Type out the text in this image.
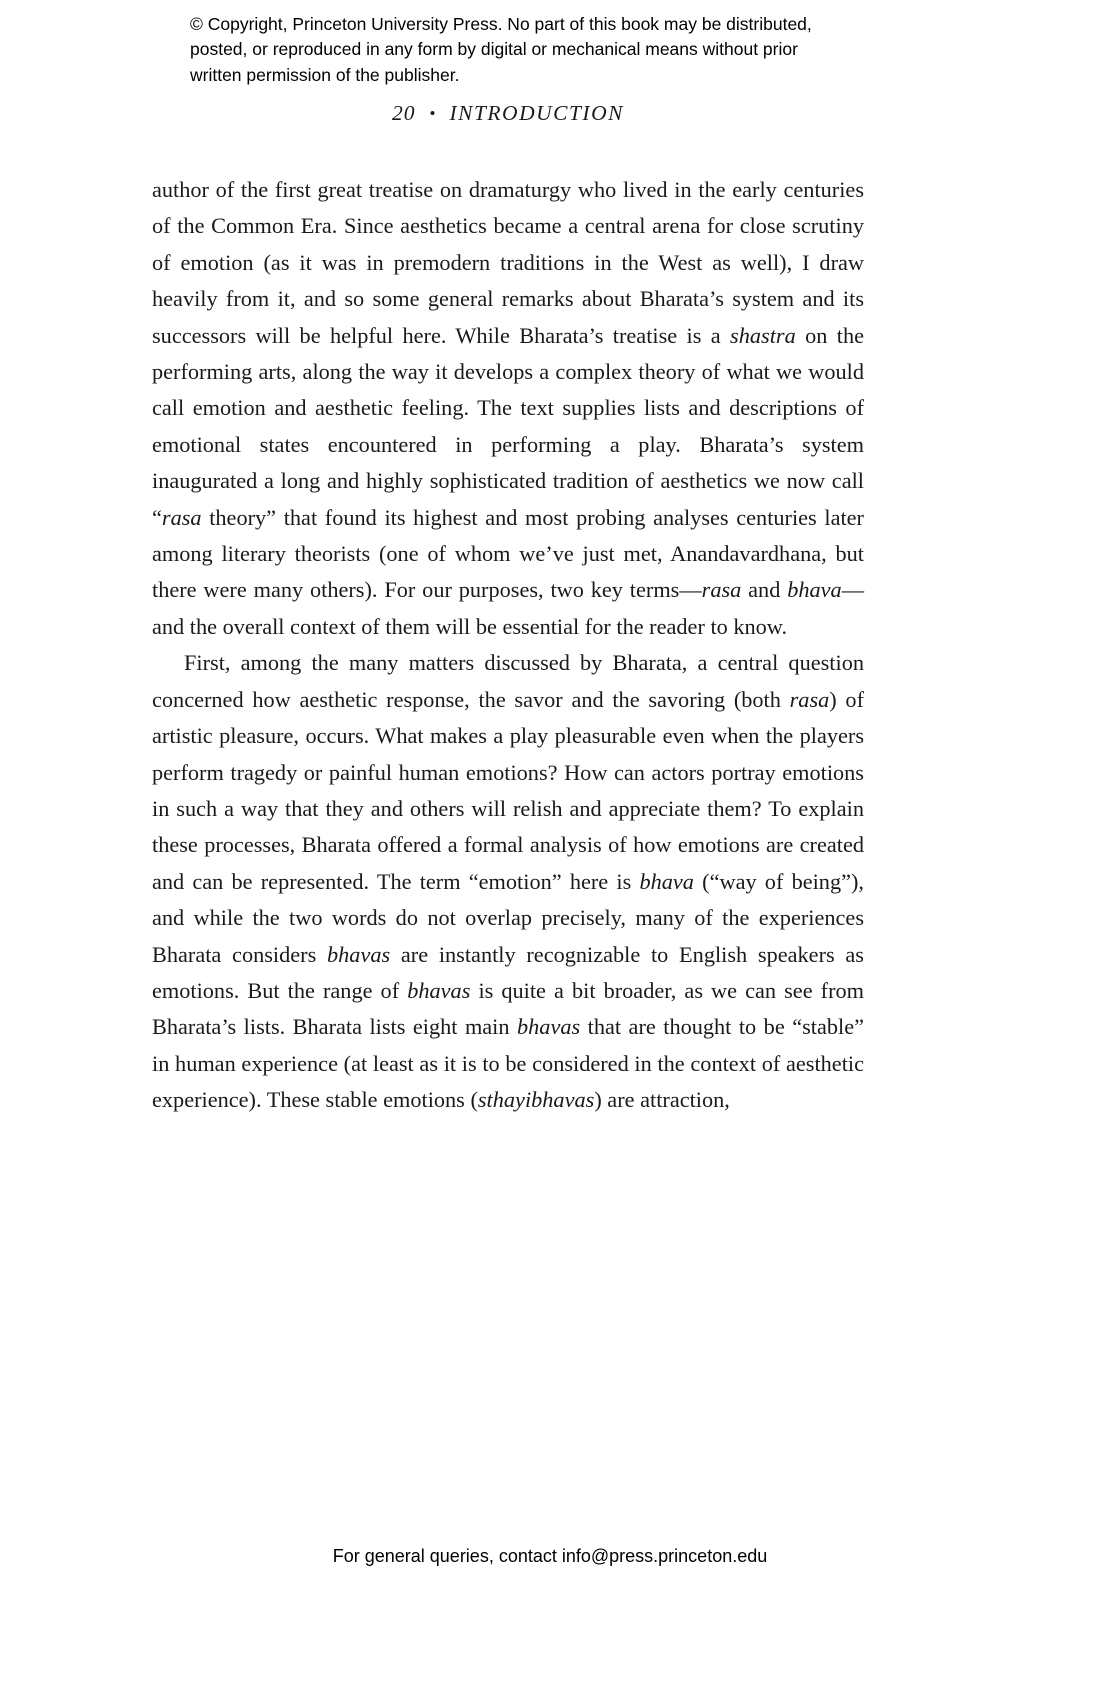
© Copyright, Princeton University Press. No part of this book may be distributed, posted, or reproduced in any form by digital or mechanical means without prior written permission of the publisher.
20 • INTRODUCTION

author of the first great treatise on dramaturgy who lived in the early centuries of the Common Era. Since aesthetics became a central arena for close scrutiny of emotion (as it was in premodern traditions in the West as well), I draw heavily from it, and so some general remarks about Bharata’s system and its successors will be helpful here. While Bharata’s treatise is a shastra on the performing arts, along the way it develops a complex theory of what we would call emotion and aesthetic feeling. The text supplies lists and descriptions of emotional states encountered in performing a play. Bharata’s system inaugurated a long and highly sophisticated tradition of aesthetics we now call “rasa theory” that found its highest and most probing analyses centuries later among literary theorists (one of whom we’ve just met, Anandavardhana, but there were many others). For our purposes, two key terms—rasa and bhava—and the overall context of them will be essential for the reader to know.

First, among the many matters discussed by Bharata, a central question concerned how aesthetic response, the savor and the savoring (both rasa) of artistic pleasure, occurs. What makes a play pleasurable even when the players perform tragedy or painful human emotions? How can actors portray emotions in such a way that they and others will relish and appreciate them? To explain these processes, Bharata offered a formal analysis of how emotions are created and can be represented. The term “emotion” here is bhava (“way of being”), and while the two words do not overlap precisely, many of the experiences Bharata considers bhavas are instantly recognizable to English speakers as emotions. But the range of bhavas is quite a bit broader, as we can see from Bharata’s lists. Bharata lists eight main bhavas that are thought to be “stable” in human experience (at least as it is to be considered in the context of aesthetic experience). These stable emotions (sthayibhavas) are attraction,

For general queries, contact info@press.princeton.edu
